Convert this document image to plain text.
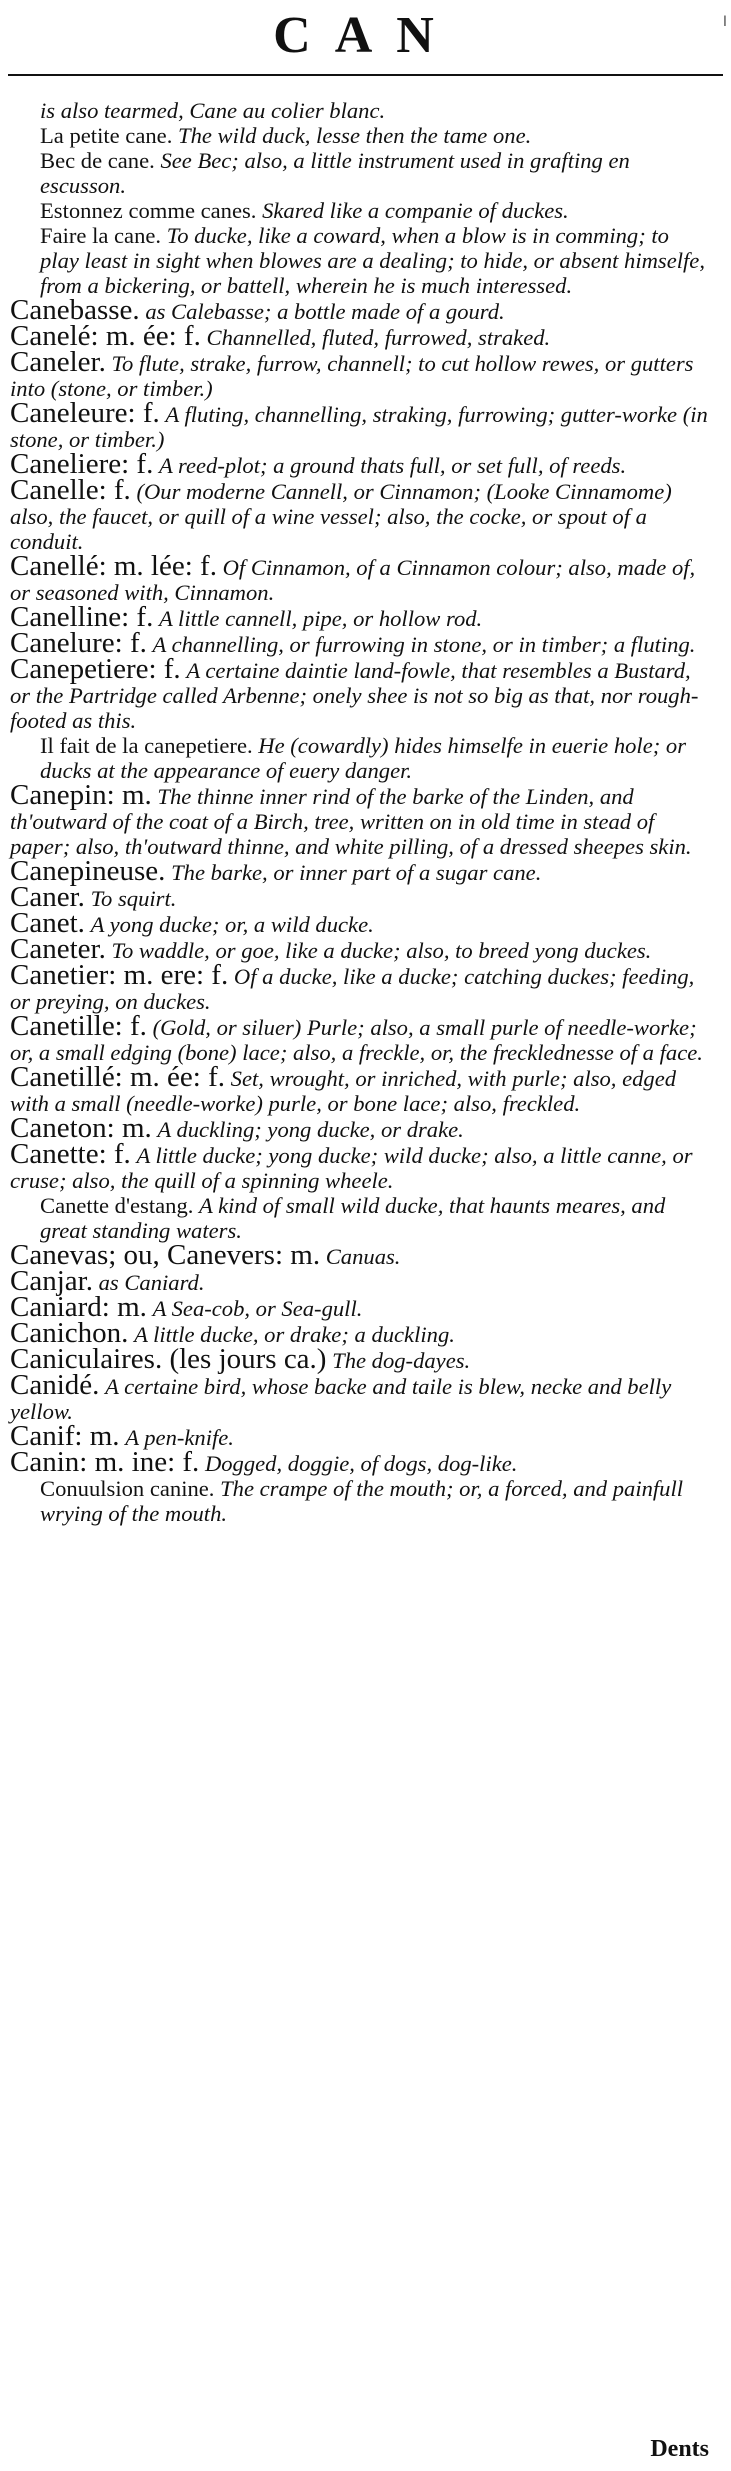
CAN	I
is also tearmed, Cane au colier blanc.
La petite cane. The wild duck, lesse then the tame one.
Bec de cane. See Bec; also, a little instrument used in grafting en escusson.
Estonnez comme canes. Skared like a companie of duckes.
Faire la cane. To ducke, like a coward, when a blow is in comming; to play least in sight when blowes are a dealing; to hide, or absent himselfe, from a bickering, or battell, wherein he is much interessed.
Canebasse. as Calebasse; a bottle made of a gourd.
Canelé: m. ée: f. Channelled, fluted, furrowed, straked.
Caneler. To flute, strake, furrow, channell; to cut hollow rewes, or gutters into (stone, or timber.)
Caneleure: f. A fluting, channelling, straking, furrowing; gutter-worke (in stone, or timber.)
Caneliere: f. A reed-plot; a ground thats full, or set full, of reeds.
Canelle: f. (Our moderne Cannell, or Cinnamon; (Looke Cinnamome) also, the faucet, or quill of a wine vessel; also, the cocke, or spout of a conduit.
Canellé: m. lée: f. Of Cinnamon, of a Cinnamon colour; also, made of, or seasoned with, Cinnamon.
Canelline: f. A little cannell, pipe, or hollow rod.
Canelure: f. A channelling, or furrowing in stone, or in timber; a fluting.
Canepetiere: f. A certaine daintie land-fowle, that resembles a Bustard, or the Partridge called Arbenne; onely shee is not so big as that, nor rough-footed as this.
Il fait de la canepetiere. He (cowardly) hides himselfe in euerie hole; or ducks at the appearance of euery danger.
Canepin: m. The thinne inner rind of the barke of the Linden, and th'outward of the coat of a Birch, tree, written on in old time in stead of paper; also, th'outward thinne, and white pilling, of a dressed sheepes skin.
Canepineuse. The barke, or inner part of a sugar cane.
Caner. To squirt.
Canet. A yong ducke; or, a wild ducke.
Caneter. To waddle, or goe, like a ducke; also, to breed yong duckes.
Canetier: m. ere: f. Of a ducke, like a ducke; catching duckes; feeding, or preying, on duckes.
Canetille: f. (Gold, or siluer) Purle; also, a small purle of needle-worke; or, a small edging (bone) lace; also, a freckle, or, the frecklednesse of a face.
Canetillé: m. ée: f. Set, wrought, or inriched, with purle; also, edged with a small (needle-worke) purle, or bone lace; also, freckled.
Caneton: m. A duckling; yong ducke, or drake.
Canette: f. A little ducke; yong ducke; wild ducke; also, a little canne, or cruse; also, the quill of a spinning wheele.
Canette d'estang. A kind of small wild ducke, that haunts meares, and great standing waters.
Canevas; ou, Canevers: m. Canuas.
Canjar. as Caniard.
Caniard: m. A Sea-cob, or Sea-gull.
Canichon. A little ducke, or drake; a duckling.
Caniculaires. (les jours ca.) The dog-dayes.
Canidé. A certaine bird, whose backe and taile is blew, necke and belly yellow.
Canif: m. A pen-knife.
Canin: m. ine: f. Dogged, doggie, of dogs, dog-like.
Conuulsion canine. The crampe of the mouth; or, a forced, and painfull wrying of the mouth.
Dents
